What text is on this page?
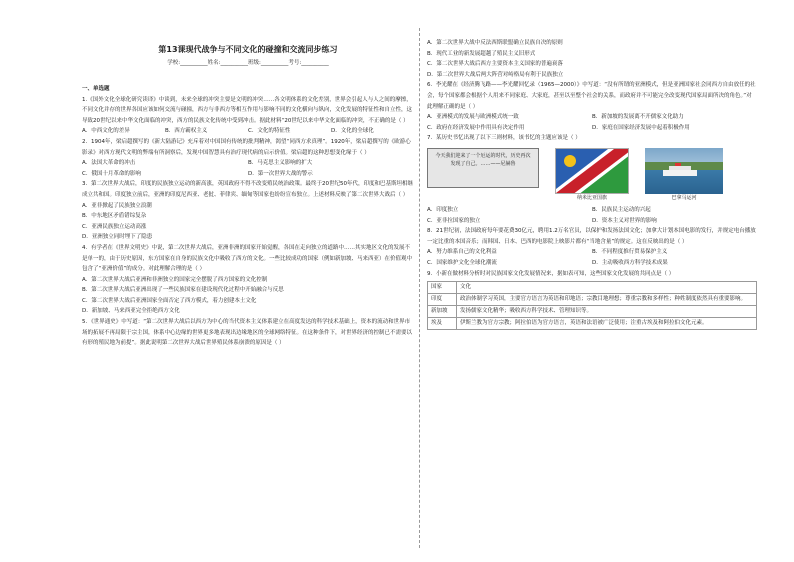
第13课现代战争与不同文化的碰撞和交流同步练习
学校:__________姓名:__________班级:__________考号:__________

一、单选题

1.《国外文化全球化研究读译》中谈到，未来全球的冲突主要是文明的冲突……各文明体系的文化差别，世界会引起人与人之间的摩擦，不同文化并存的世界各国应该如何交流与碰撞，西方与非西方等相互作用与影响不同的文化横向与纵向，文化发展的特征性和自立性，这导致20世纪以来中华文化面临的冲突，西方的民族文化传统中受到冲击。据此材料“20世纪以来中华文化面临的冲突，不正确的是（ ）

A．中西文化的差异	B．西方霸权主义	C．文化的特征性	D．文化的全球化

2．1904年，梁启超撰写的《新大陆游记》充斥着对中国国有传统的批判精神，渴望“同西方求真理”。1920年，梁启超撰写的《欧游心影录》对西方现代文明的弊端有所洞察后，发现中国智慧具有治疗现代病的启示价值。梁启超的这种思想变化缘于（ ）

A．法国大革命的冲击	B．马克思主义影响的扩大
C．俄国十月革命的影响	D．第一次世界大战的警示

3．第二次世界大战后，印度的民族独立运动的新高涨，英国政府不得不改变殖民统治政策。最终于20世纪50年代，印度和巴基斯坦相继成立共和国。印度独立前后，亚洲的印度尼西亚、老挝、菲律宾、缅甸等国家也纷纷宣布独立。上述材料反映了第二次世界大战后（ ）

A．亚非掀起了民族独立浪潮

B．中东地区矛盾错综复杂

C．亚洲民族独立运动高涨

D．亚洲独立同时埋下了隐患

4．有学者在《世界文明史》中说，第二次世界大战后，亚洲非洲的国家开始觉醒，各国在走向独立的道路中……其实地区文化的发展不是单一的，由于历史原因，东方国家在自身的民族文化中吸收了西方的文化。一些比较成功的国家（例如新加坡、马来西亚）在价值观中包含了“亚洲价值”的成分。对此理解合理的是（ ）

A．第二次世界大战后亚洲和非洲独立的国家完全摆脱了西方国家的文化控制

B．第二次世界大战后亚洲出现了一些民族国家在建设现代化过程中开始融合与反思

C．第二次世界大战后亚洲国家全面否定了西方模式，着力创建本土文化

D．新加坡、马来西亚完全拒绝西方文化

5．《世界通史》中写道：“第二次世界大战后以西方为中心的当代资本主义体系建立在高度发达的科学技术基础上，资本的流动和世界市场的拓展不再局限于宗主国，体系中心边缘的世界更多地表现出边缘地区的全球网络特征。在这种条件下，对世界经济的控制已不需要以有形的殖民地为前提”。据此说明第二次世界大战后世界殖民体系崩溃的原因是（ ）

A．第二次世界大战中反法西斯联盟确立民族自决的原则

B．现代工业的新发展超越了殖民主义旧形式

C．第二次世界大战后西方主要资本主义国家的普遍衰落

D．第二次世界大战后两大阵营对峙格局有利于民族独立

6．李光耀在《经济腾飞路——李光耀回忆录（1965—2000）》中写道：“没有所谓的亚洲模式，但是亚洲国家社会同西方自由放任的社会，每个国家都会根据个人用来不同家庭、大家庭，甚至以至整个社会的关系，而政府并不可能完全改变现代国家局面所决的角色。”对此理解正确的是（ ）

A．亚洲模式的发展与欧洲模式统一致	B．新加坡的发展离不开儒家文化助力
C．政府在经济发展中作用具有决定作用	D．家庭在国家经济发展中起着积极作用

7．某历史书忆出现了以下三则材料，该书忆的主题应该是（ ）

今天我们迎来了一个厄运的时代，历史再次发现了自己。……——尼赫鲁
纳米比亚国旗	巴拿马运河
A．印度独立	B．民族民主运动的兴起
C．亚非拉国家的独立	D．资本主义对世界的影响

8．21世纪初，法国政府每年要花费30亿元，聘用1.2万名官员，以保护和发扬法国文化；加拿大计划本国电影的发行，并规定电台播放一定比重的本国音乐；而韩国、日本、巴西的电影院上映影片都有“当地含量”的规定。这在反映出的是（ ）

A．努力维系自己的文化利益	B．不同程度推行贸易保护主义
C．国家维护文化全球化潮流	D．主动吸收西方科学技术成果

9．小新在做材料分析时对民族国家文化发展情况来，据如表可知，这些国家文化发展的共同点是（ ）

国家	文化
印度	政治体制学习英国，主要官方语言为英语和印地语；宗教目地理想；尊重宗教和多样性；种姓制度依然具有重要影响。
新加坡	发扬儒家文化精华；吸收西方科学技术、管理知识等。
埃及	伊斯兰教为官方宗教；阿拉伯语为官方语言，英语和法语被广泛使用；注重古埃及和阿拉伯文化元素。
